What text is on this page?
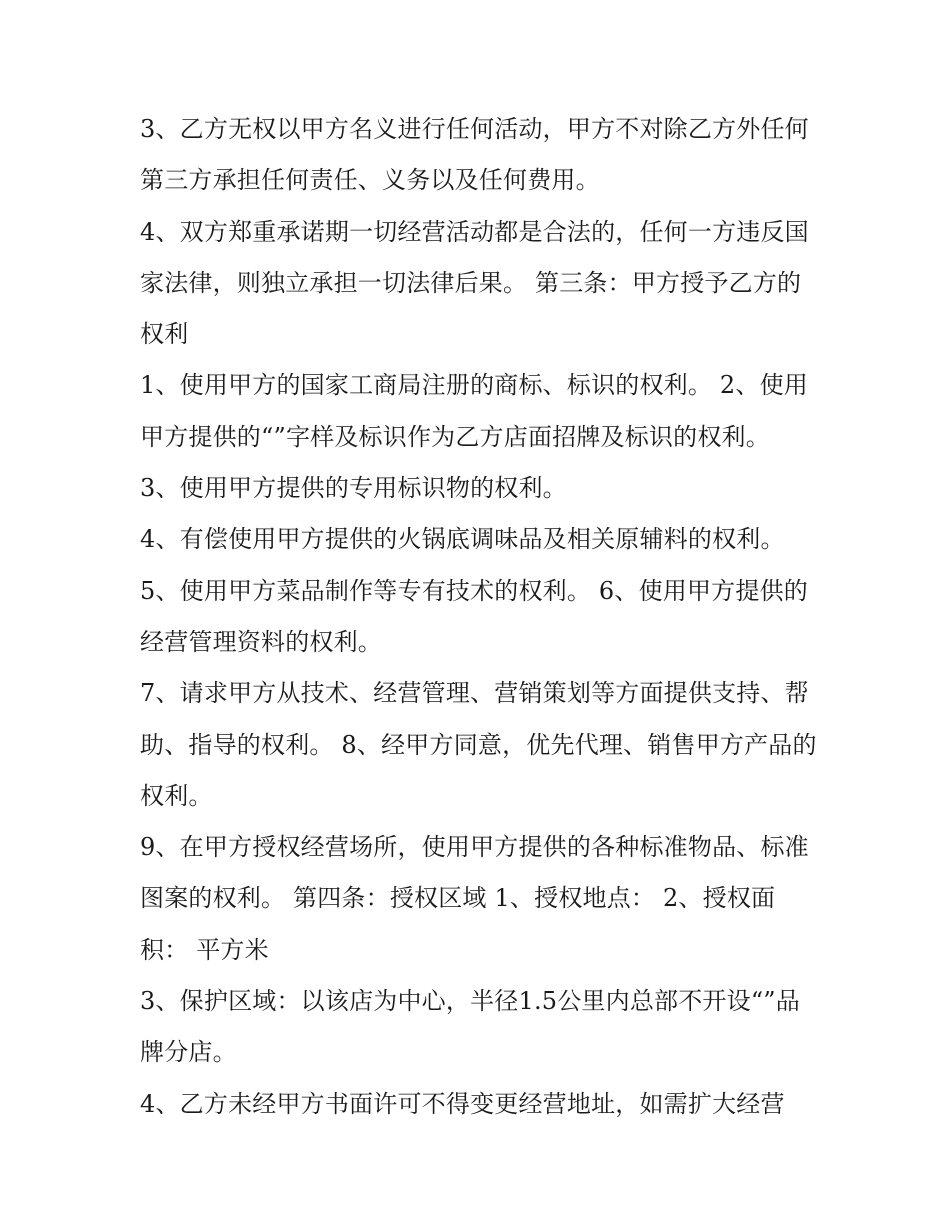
3、乙方无权以甲方名义进行任何活动，甲方不对除乙方外任何第三方承担任何责任、义务以及任何费用。

4、双方郑重承诺期一切经营活动都是合法的，任何一方违反国家法律，则独立承担一切法律后果。 第三条：甲方授予乙方的权利

1、使用甲方的国家工商局注册的商标、标识的权利。 2、使用甲方提供的“”字样及标识作为乙方店面招牌及标识的权利。

3、使用甲方提供的专用标识物的权利。

4、有偿使用甲方提供的火锅底调味品及相关原辅料的权利。

5、使用甲方菜品制作等专有技术的权利。 6、使用甲方提供的经营管理资料的权利。

7、请求甲方从技术、经营管理、营销策划等方面提供支持、帮助、指导的权利。 8、经甲方同意，优先代理、销售甲方产品的权利。

9、在甲方授权经营场所，使用甲方提供的各种标准物品、标准图案的权利。 第四条：授权区域 1、授权地点： 2、授权面积： 平方米

3、保护区域：以该店为中心，半径1.5公里内总部不开设“”品牌分店。

4、乙方未经甲方书面许可不得变更经营地址，如需扩大经营
